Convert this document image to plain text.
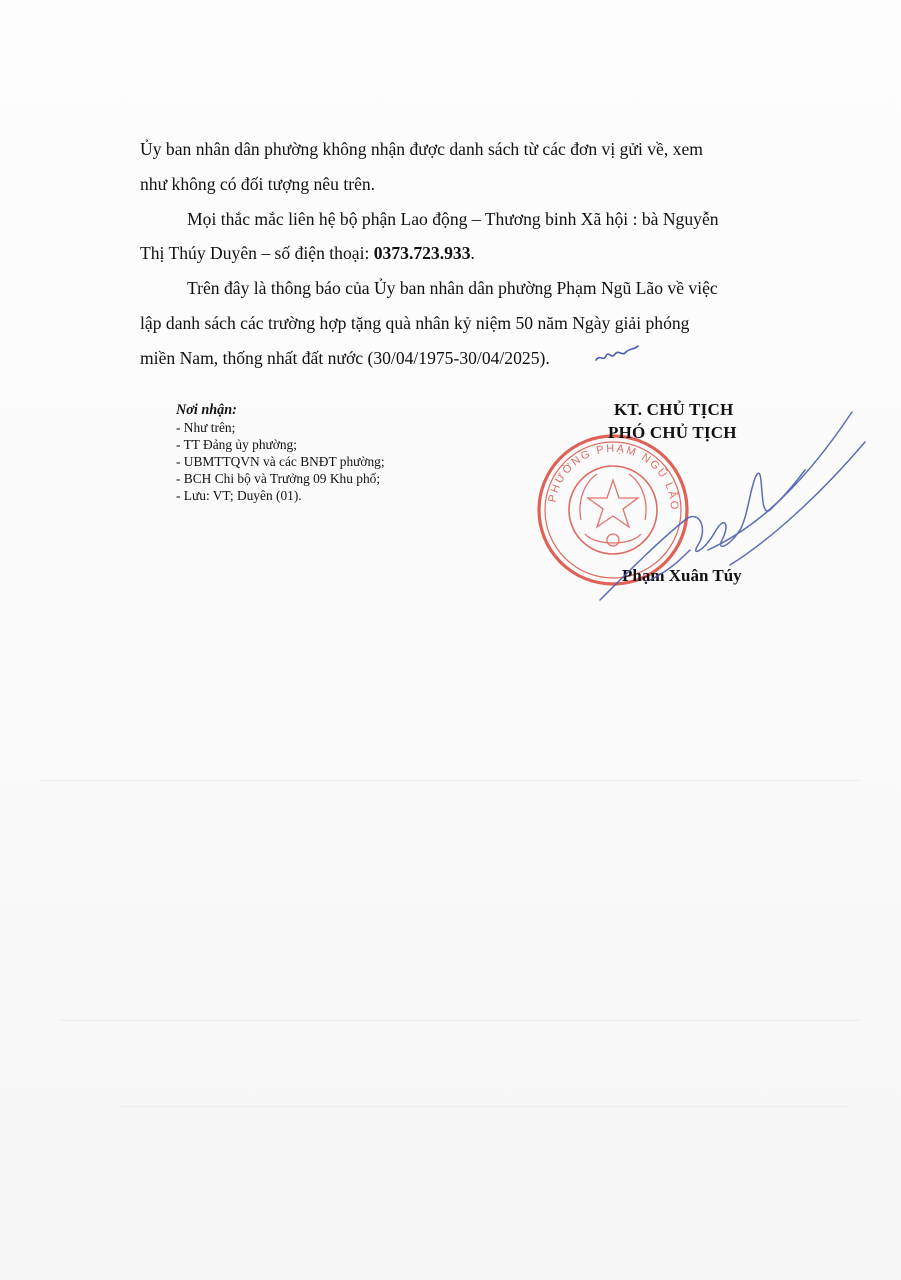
Ủy ban nhân dân phường không nhận được danh sách từ các đơn vị gửi về, xem
như không có đối tượng nêu trên.

Mọi thắc mắc liên hệ bộ phận Lao động – Thương binh Xã hội : bà Nguyễn
Thị Thúy Duyên – số điện thoại: 0373.723.933.

Trên đây là thông báo của Ủy ban nhân dân phường Phạm Ngũ Lão về việc
lập danh sách các trường hợp tặng quà nhân kỷ niệm 50 năm Ngày giải phóng
miền Nam, thống nhất đất nước (30/04/1975-30/04/2025).

Nơi nhận:
- Như trên;
- TT Đảng ủy phường;
- UBMTTQVN và các BNĐT phường;
- BCH Chi bộ và Trưởng 09 Khu phố;
- Lưu: VT; Duyên (01).	PHƯỜNG PHẠM NGŨ LÃO
KT. CHỦ TỊCH
PHÓ CHỦ TỊCH
Phạm Xuân Túy
